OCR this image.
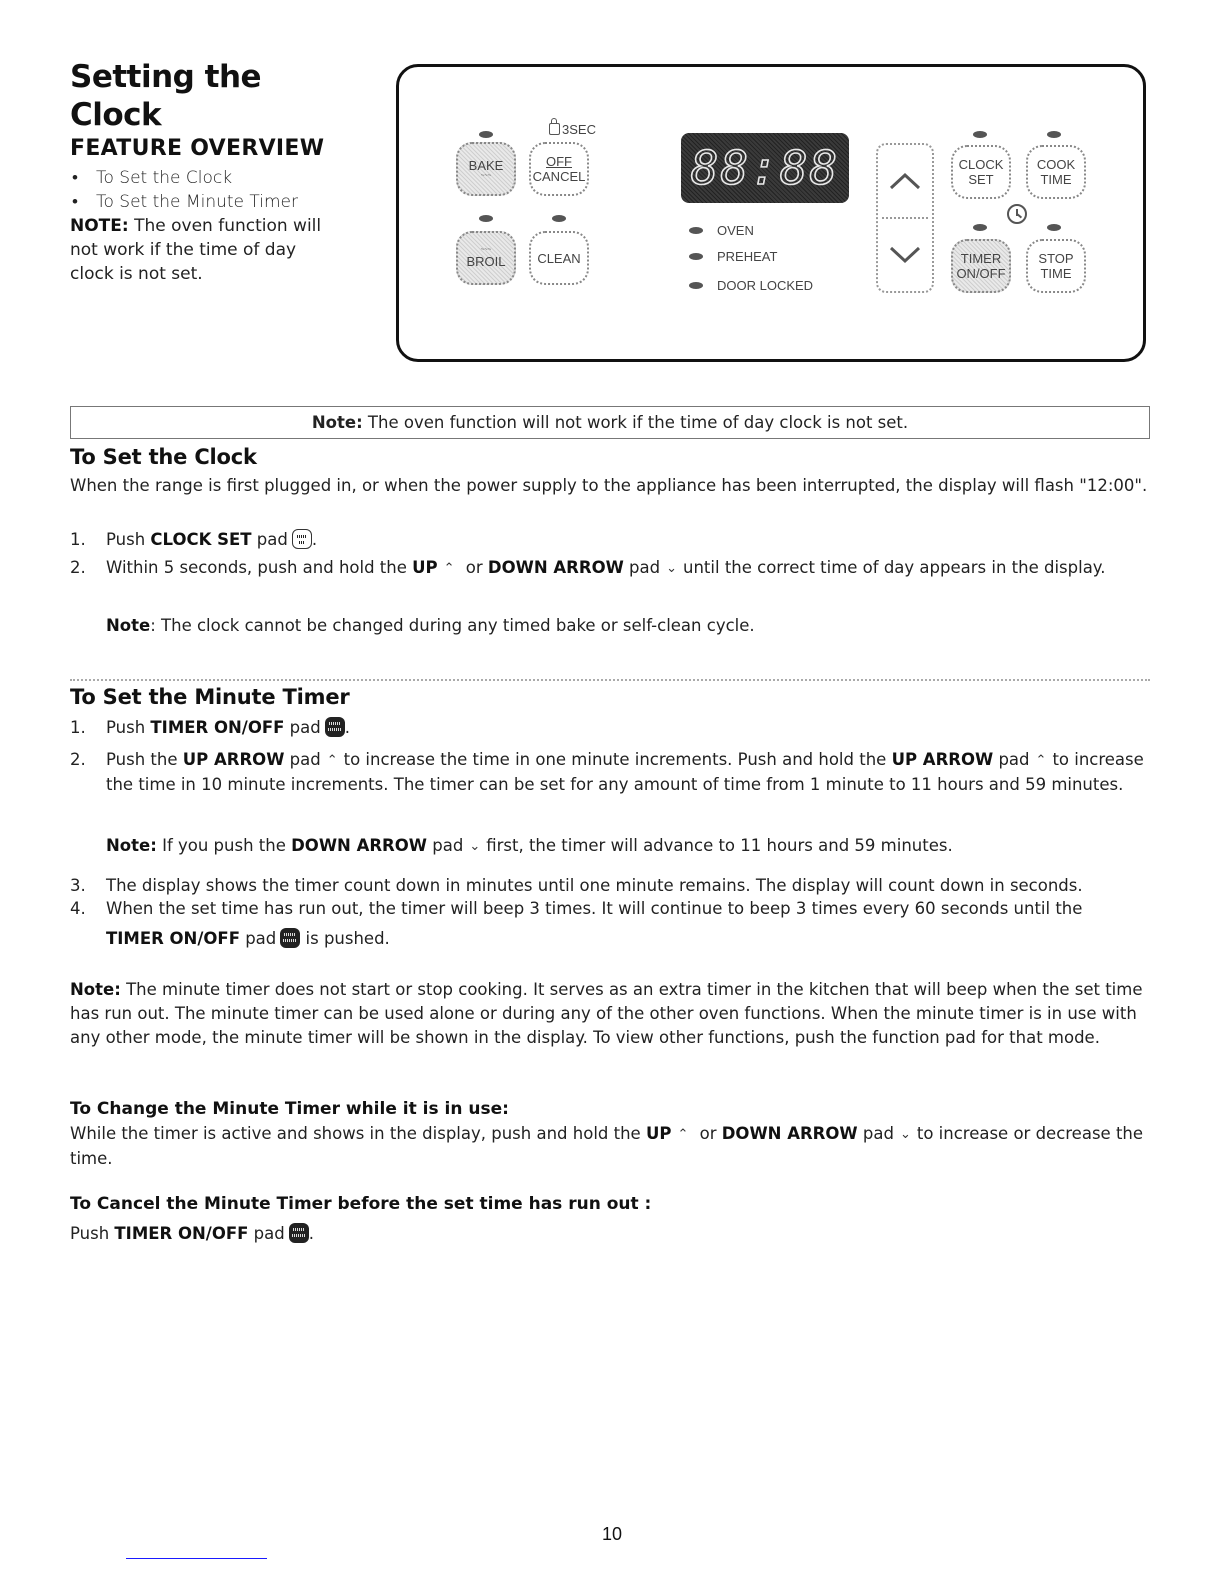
Setting the
Clock
FEATURE OVERVIEW
• To Set the Clock
• To Set the Minute Timer
NOTE: The oven function will not work if the time of day clock is not set.
3SEC
BAKE
~~~
OFF
CANCEL
~~~
BROIL CLEAN
88:88
OVEN
PREHEAT
DOOR LOCKED
CLOCK
SET
COOK
TIME
TIMER
ON/OFF
STOP
TIME
Note: The oven function will not work if the time of day clock is not set.
To Set the Clock
When the range is first plugged in, or when the power supply to the appliance has been interrupted, the display will flash "12:00".
1. Push CLOCK SET pad .
2. Within 5 seconds, push and hold the UP ⌃ or DOWN ARROW pad ⌄ until the correct time of day appears in the display.
Note: The clock cannot be changed during any timed bake or self-clean cycle.
To Set the Minute Timer
1. Push TIMER ON/OFF pad .
2. Push the UP ARROW pad ⌃ to increase the time in one minute increments. Push and hold the UP ARROW pad ⌃ to increase the time in 10 minute increments. The timer can be set for any amount of time from 1 minute to 11 hours and 59 minutes.
Note: If you push the DOWN ARROW pad ⌄ first, the timer will advance to 11 hours and 59 minutes.
3. The display shows the timer count down in minutes until one minute remains. The display will count down in seconds.
4. When the set time has run out, the timer will beep 3 times. It will continue to beep 3 times every 60 seconds until the
TIMER ON/OFF pad is pushed.
Note: The minute timer does not start or stop cooking. It serves as an extra timer in the kitchen that will beep when the set time has run out. The minute timer can be used alone or during any of the other oven functions. When the minute timer is in use with any other mode, the minute timer will be shown in the display. To view other functions, push the function pad for that mode.
To Change the Minute Timer while it is in use:
While the timer is active and shows in the display, push and hold the UP ⌃ or DOWN ARROW pad ⌄ to increase or decrease the time.
To Cancel the Minute Timer before the set time has run out :
Push TIMER ON/OFF pad .
10
